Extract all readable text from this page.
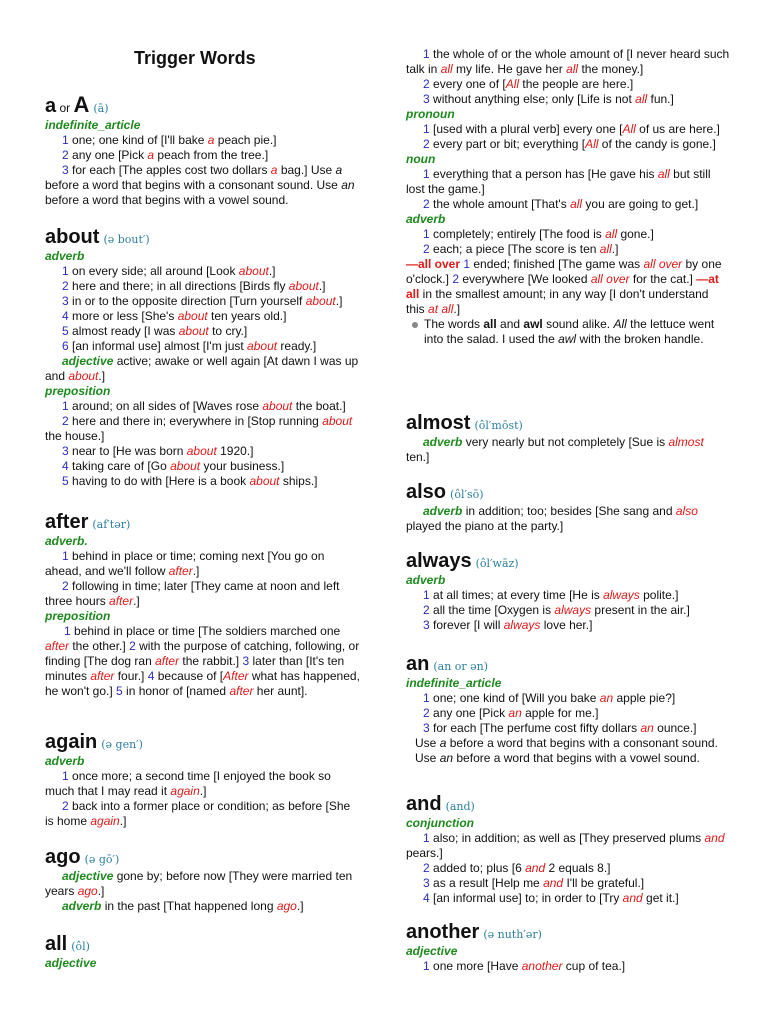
Trigger Words
a or A (ā)
indefinite_article
1 one; one kind of [I'll bake a peach pie.]
2 any one [Pick a peach from the tree.]
3 for each [The apples cost two dollars a bag.] Use a before a word that begins with a consonant sound. Use an before a word that begins with a vowel sound.
about (ə bout′)
adverb
1 on every side; all around [Look about.]
2 here and there; in all directions [Birds fly about.]
3 in or to the opposite direction [Turn yourself about.]
4 more or less [She's about ten years old.]
5 almost ready [I was about to cry.]
6 [an informal use] almost [I'm just about ready.]
adjective active; awake or well again [At dawn I was up and about.]
preposition
1 around; on all sides of [Waves rose about the boat.]
2 here and there in; everywhere in [Stop running about the house.]
3 near to [He was born about 1920.]
4 taking care of [Go about your business.]
5 having to do with [Here is a book about ships.]
after (af′tər)
adverb.
1 behind in place or time; coming next [You go on ahead, and we'll follow after.]
2 following in time; later [They came at noon and left three hours after.]
preposition
1 behind in place or time [The soldiers marched one after the other.] 2 with the purpose of catching, following, or finding [The dog ran after the rabbit.] 3 later than [It's ten minutes after four.] 4 because of [After what has happened, he won't go.] 5 in honor of [named after her aunt].
again (ə gen′)
adverb
1 once more; a second time [I enjoyed the book so much that I may read it again.]
2 back into a former place or condition; as before [She is home again.]
ago (ə gō′)
adjective gone by; before now [They were married ten years ago.]
adverb in the past [That happened long ago.]
all (ôl)
adjective
1 the whole of or the whole amount of [I never heard such talk in all my life. He gave her all the money.]
2 every one of [All the people are here.]
3 without anything else; only [Life is not all fun.]
pronoun
1 [used with a plural verb] every one [All of us are here.]
2 every part or bit; everything [All of the candy is gone.]
noun
1 everything that a person has [He gave his all but still lost the game.]
2 the whole amount [That's all you are going to get.]
adverb
1 completely; entirely [The food is all gone.]
2 each; a piece [The score is ten all.]
—all over 1 ended; finished [The game was all over by one o'clock.] 2 everywhere [We looked all over for the cat.] —at all in the smallest amount; in any way [I don't understand this at all.]
The words all and awl sound alike. All the lettuce went into the salad. I used the awl with the broken handle.
almost (ôl′mōst)
adverb very nearly but not completely [Sue is almost ten.]
also (ôl′sō)
adverb in addition; too; besides [She sang and also played the piano at the party.]
always (ôl′wāz)
adverb
1 at all times; at every time [He is always polite.]
2 all the time [Oxygen is always present in the air.]
3 forever [I will always love her.]
an (an or ən)
indefinite_article
1 one; one kind of [Will you bake an apple pie?]
2 any one [Pick an apple for me.]
3 for each [The perfume cost fifty dollars an ounce.]
Use a before a word that begins with a consonant sound. Use an before a word that begins with a vowel sound.
and (and)
conjunction
1 also; in addition; as well as [They preserved plums and pears.]
2 added to; plus [6 and 2 equals 8.]
3 as a result [Help me and I'll be grateful.]
4 [an informal use] to; in order to [Try and get it.]
another (ə nuth′ər)
adjective
1 one more [Have another cup of tea.]
